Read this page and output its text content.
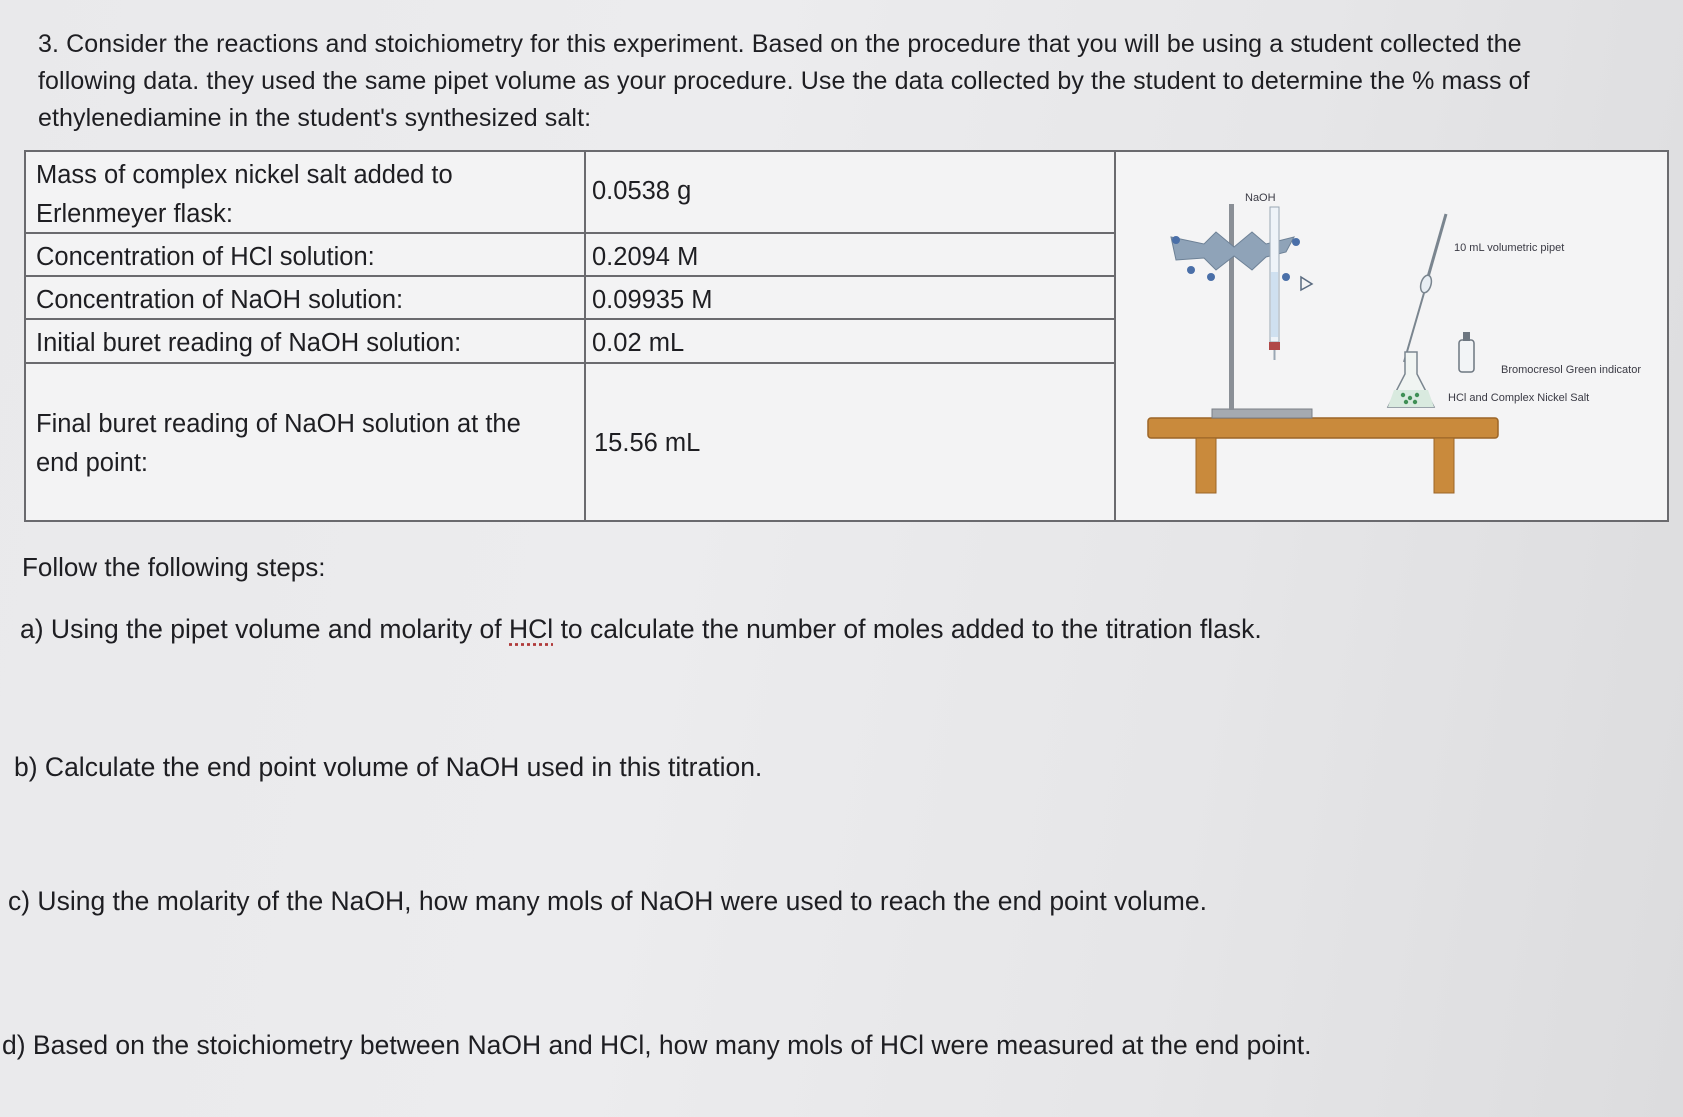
3. Consider the reactions and stoichiometry for this experiment. Based on the procedure that you will be using a student collected the

following data. they used the same pipet volume as your procedure. Use the data collected by the student to determine the % mass of

ethylenediamine in the student's synthesized salt:

Mass of complex nickel salt added to
Erlenmeyer flask:
Concentration of HCl solution:
Concentration of NaOH solution:
Initial buret reading of NaOH solution:
Final buret reading of NaOH solution at the
end point:
0.0538 g
0.2094 M
0.09935 M
0.02 mL
15.56 mL
NaOH
10 mL volumetric pipet
Bromocresol Green indicator
HCl and Complex Nickel Salt
Follow the following steps:
a) Using the pipet volume and molarity of HCl to calculate the number of moles added to the titration flask.
b) Calculate the end point volume of NaOH used in this titration.
c) Using the molarity of the NaOH, how many mols of NaOH were used to reach the end point volume.
d) Based on the stoichiometry between NaOH and HCl, how many mols of HCl were measured at the end point.
